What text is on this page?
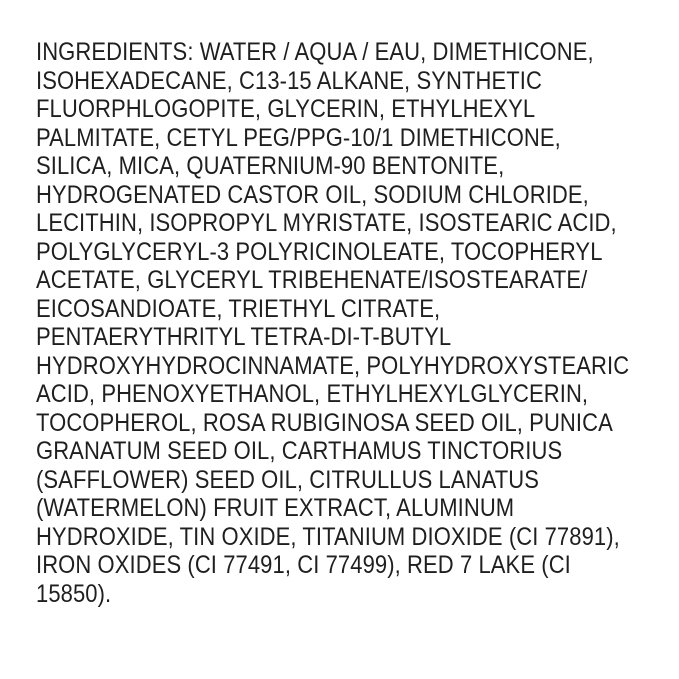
INGREDIENTS: WATER / AQUA / EAU, DIMETHICONE,
ISOHEXADECANE, C13-15 ALKANE, SYNTHETIC
FLUORPHLOGOPITE, GLYCERIN, ETHYLHEXYL
PALMITATE, CETYL PEG/PPG-10/1 DIMETHICONE,
SILICA, MICA, QUATERNIUM-90 BENTONITE,
HYDROGENATED CASTOR OIL, SODIUM CHLORIDE,
LECITHIN, ISOPROPYL MYRISTATE, ISOSTEARIC ACID,
POLYGLYCERYL-3 POLYRICINOLEATE, TOCOPHERYL
ACETATE, GLYCERYL TRIBEHENATE/ISOSTEARATE/
EICOSANDIOATE, TRIETHYL CITRATE,
PENTAERYTHRITYL TETRA-DI-T-BUTYL
HYDROXYHYDROCINNAMATE, POLYHYDROXYSTEARIC
ACID, PHENOXYETHANOL, ETHYLHEXYLGLYCERIN,
TOCOPHEROL, ROSA RUBIGINOSA SEED OIL, PUNICA
GRANATUM SEED OIL, CARTHAMUS TINCTORIUS
(SAFFLOWER) SEED OIL, CITRULLUS LANATUS
(WATERMELON) FRUIT EXTRACT, ALUMINUM
HYDROXIDE, TIN OXIDE, TITANIUM DIOXIDE (CI 77891),
IRON OXIDES (CI 77491, CI 77499), RED 7 LAKE (CI
15850).
